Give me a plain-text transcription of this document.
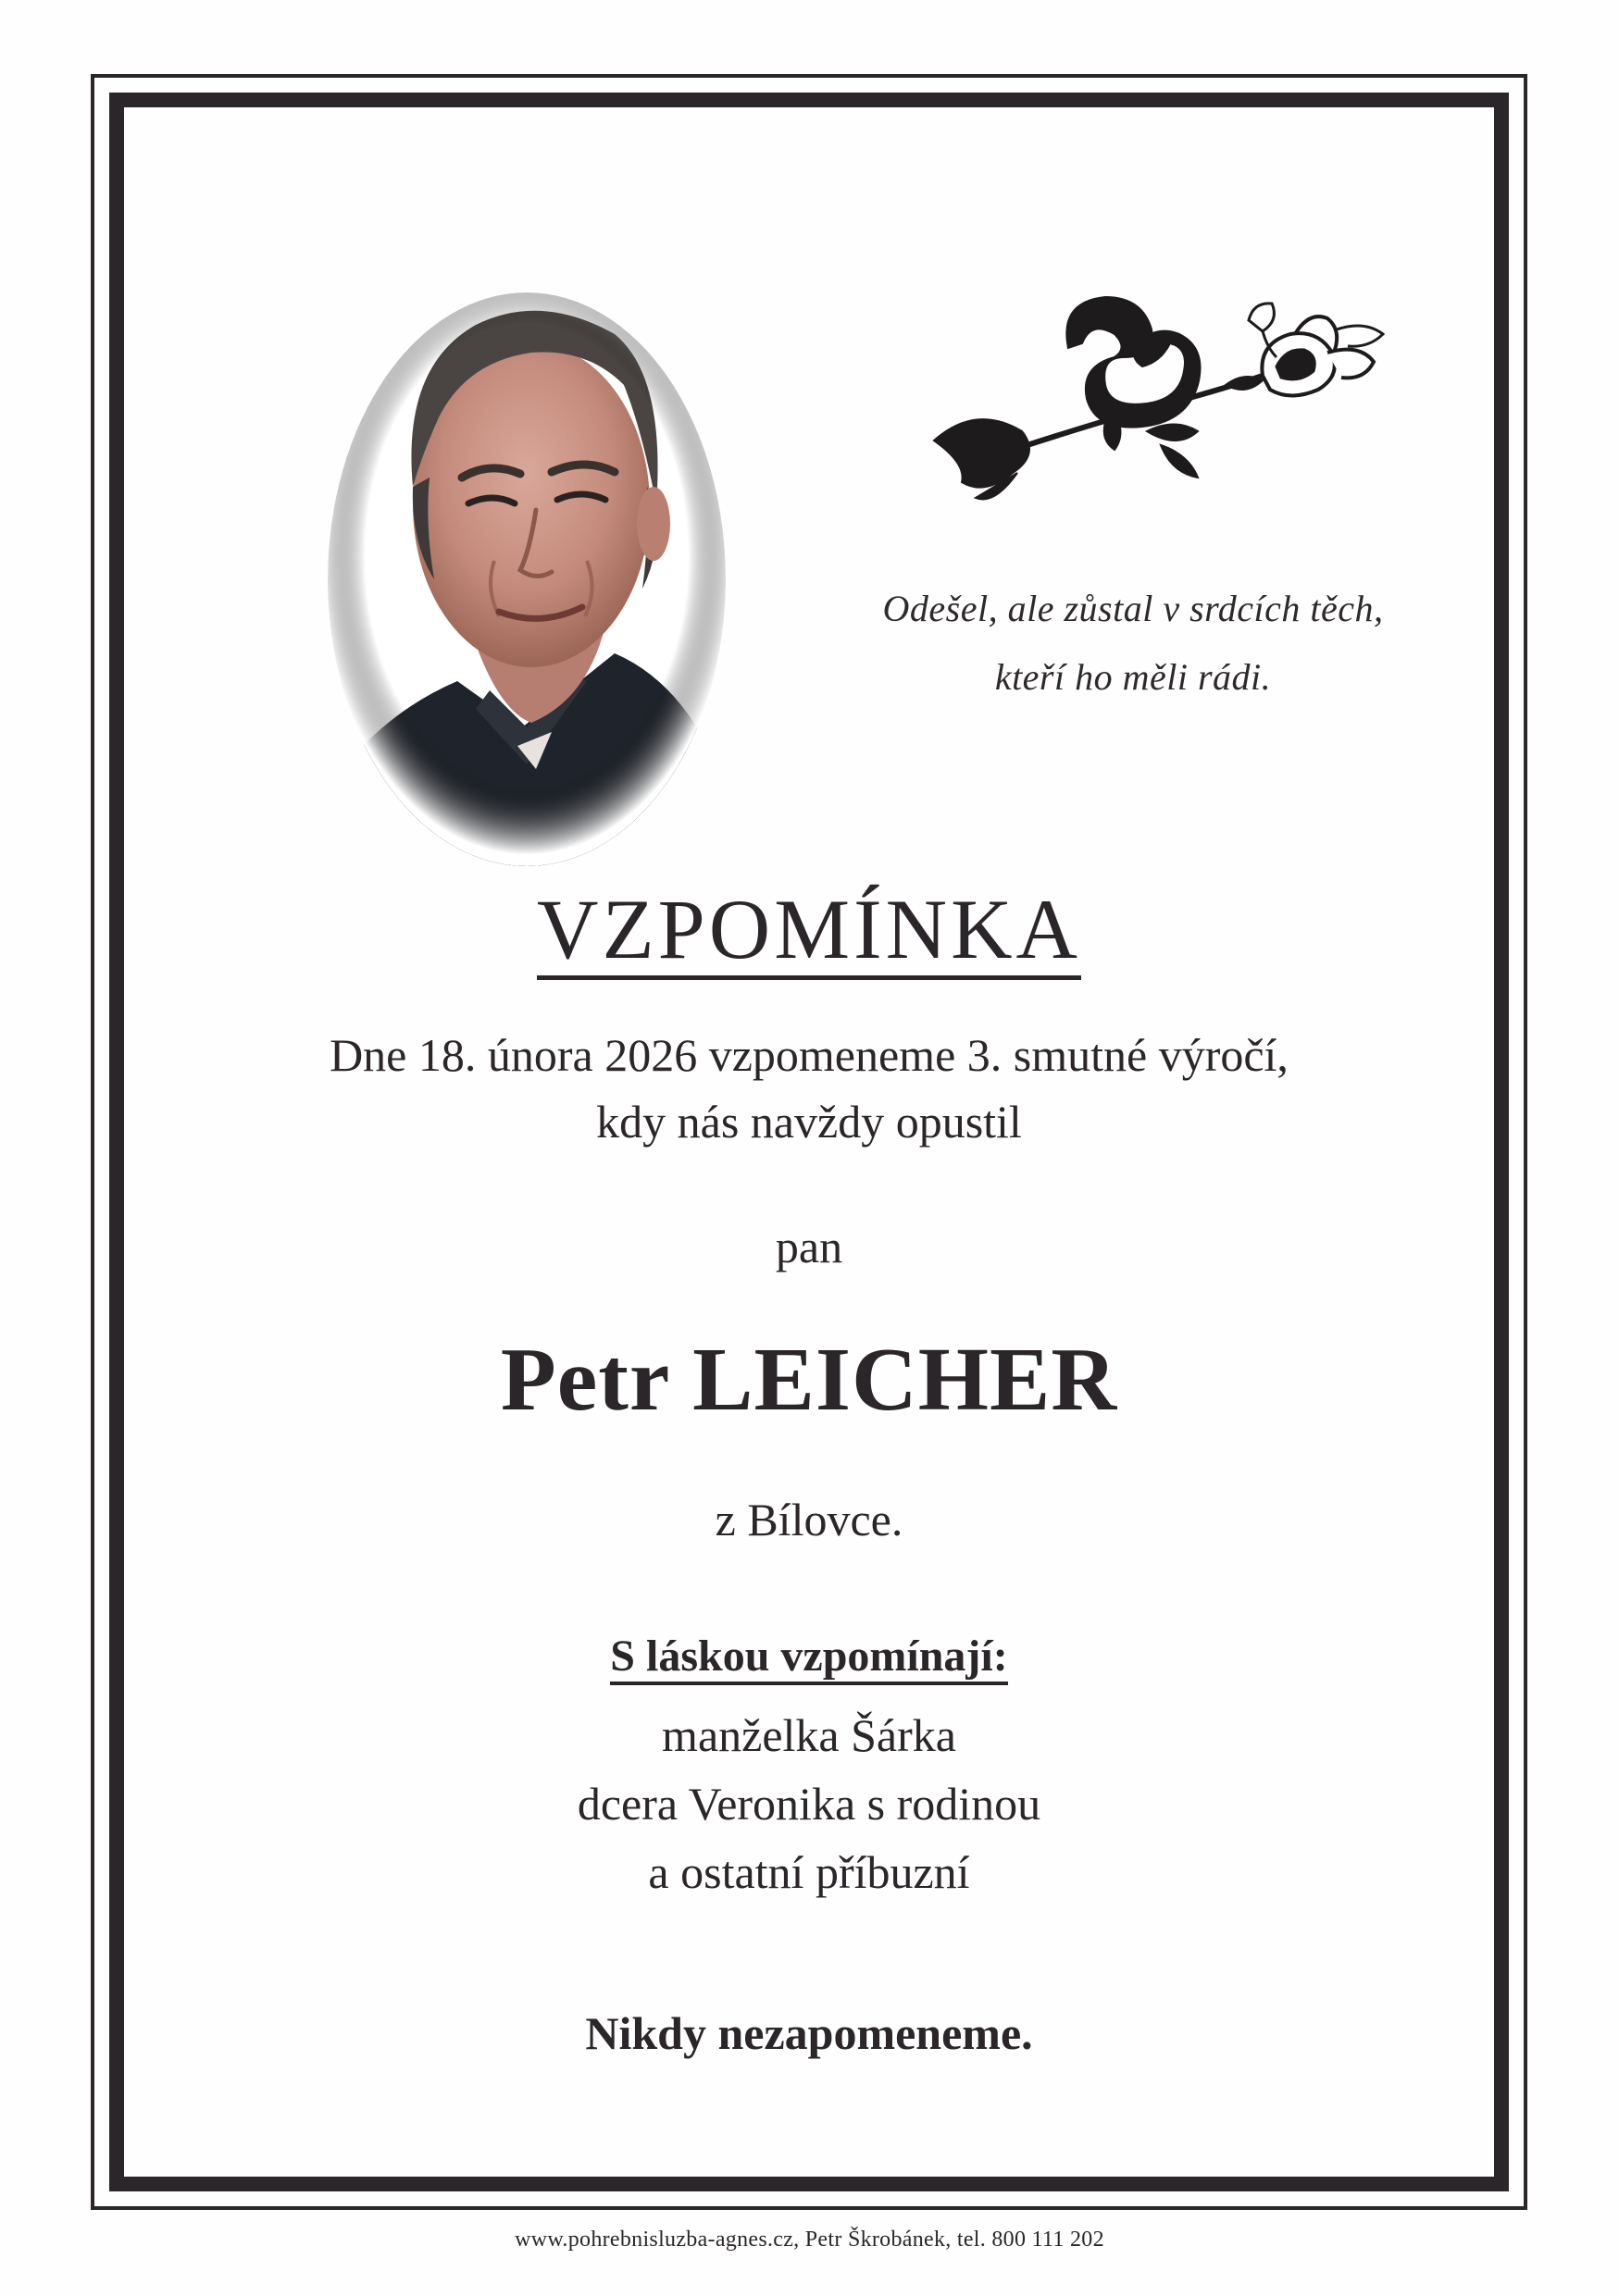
Odešel, ale zůstal v srdcích těch,
kteří ho měli rádi.
VZPOMÍNKA
Dne 18. února 2026 vzpomeneme 3. smutné výročí,
kdy nás navždy opustil
pan
Petr LEICHER
z Bílovce.
S láskou vzpomínají:
manželka Šárka
dcera Veronika s rodinou
a ostatní příbuzní
Nikdy nezapomeneme.
www.pohrebnisluzba-agnes.cz, Petr Škrobánek, tel. 800 111 202
